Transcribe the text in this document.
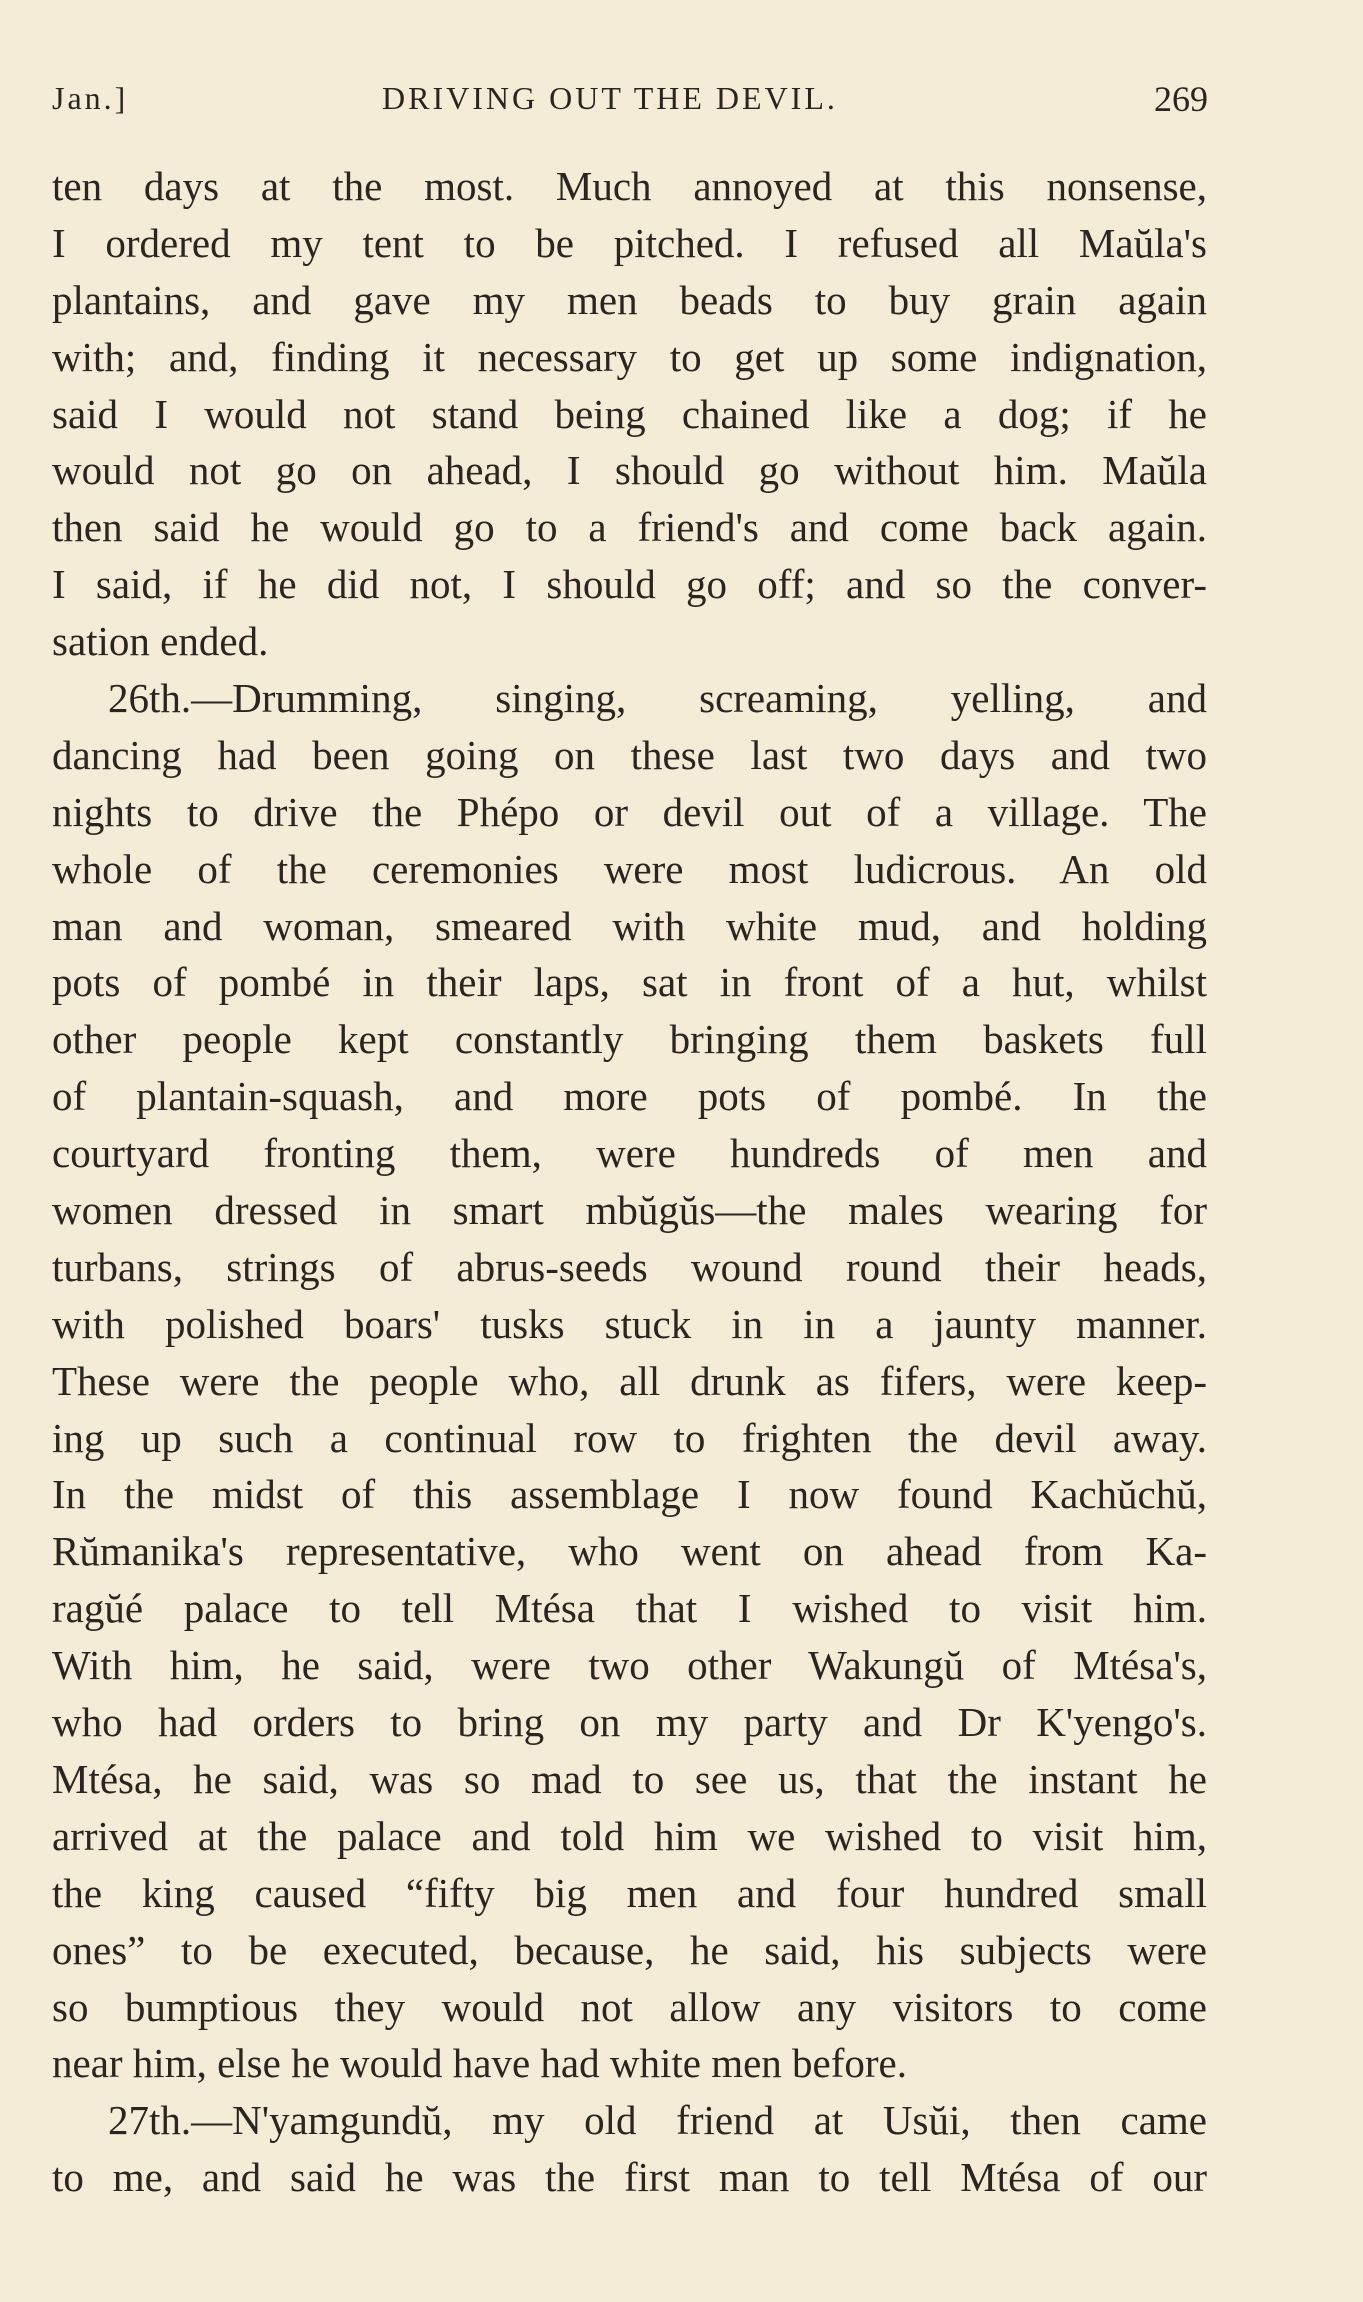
Jan.]	DRIVING OUT THE DEVIL.	269
ten days at the most. Much annoyed at this nonsense,
I ordered my tent to be pitched. I refused all Maŭla's
plantains, and gave my men beads to buy grain again
with; and, finding it necessary to get up some indignation,
said I would not stand being chained like a dog; if he
would not go on ahead, I should go without him. Maŭla
then said he would go to a friend's and come back again.
I said, if he did not, I should go off; and so the conver-
sation ended.
26th.—Drumming, singing, screaming, yelling, and
dancing had been going on these last two days and two
nights to drive the Phépo or devil out of a village. The
whole of the ceremonies were most ludicrous. An old
man and woman, smeared with white mud, and holding
pots of pombé in their laps, sat in front of a hut, whilst
other people kept constantly bringing them baskets full
of plantain-squash, and more pots of pombé. In the
courtyard fronting them, were hundreds of men and
women dressed in smart mbŭgŭs—the males wearing for
turbans, strings of abrus-seeds wound round their heads,
with polished boars' tusks stuck in in a jaunty manner.
These were the people who, all drunk as fifers, were keep-
ing up such a continual row to frighten the devil away.
In the midst of this assemblage I now found Kachŭchŭ,
Rŭmanika's representative, who went on ahead from Ka-
ragŭé palace to tell Mtésa that I wished to visit him.
With him, he said, were two other Wakungŭ of Mtésa's,
who had orders to bring on my party and Dr K'yengo's.
Mtésa, he said, was so mad to see us, that the instant he
arrived at the palace and told him we wished to visit him,
the king caused “fifty big men and four hundred small
ones” to be executed, because, he said, his subjects were
so bumptious they would not allow any visitors to come
near him, else he would have had white men before.
27th.—N'yamgundŭ, my old friend at Usŭi, then came
to me, and said he was the first man to tell Mtésa of our
